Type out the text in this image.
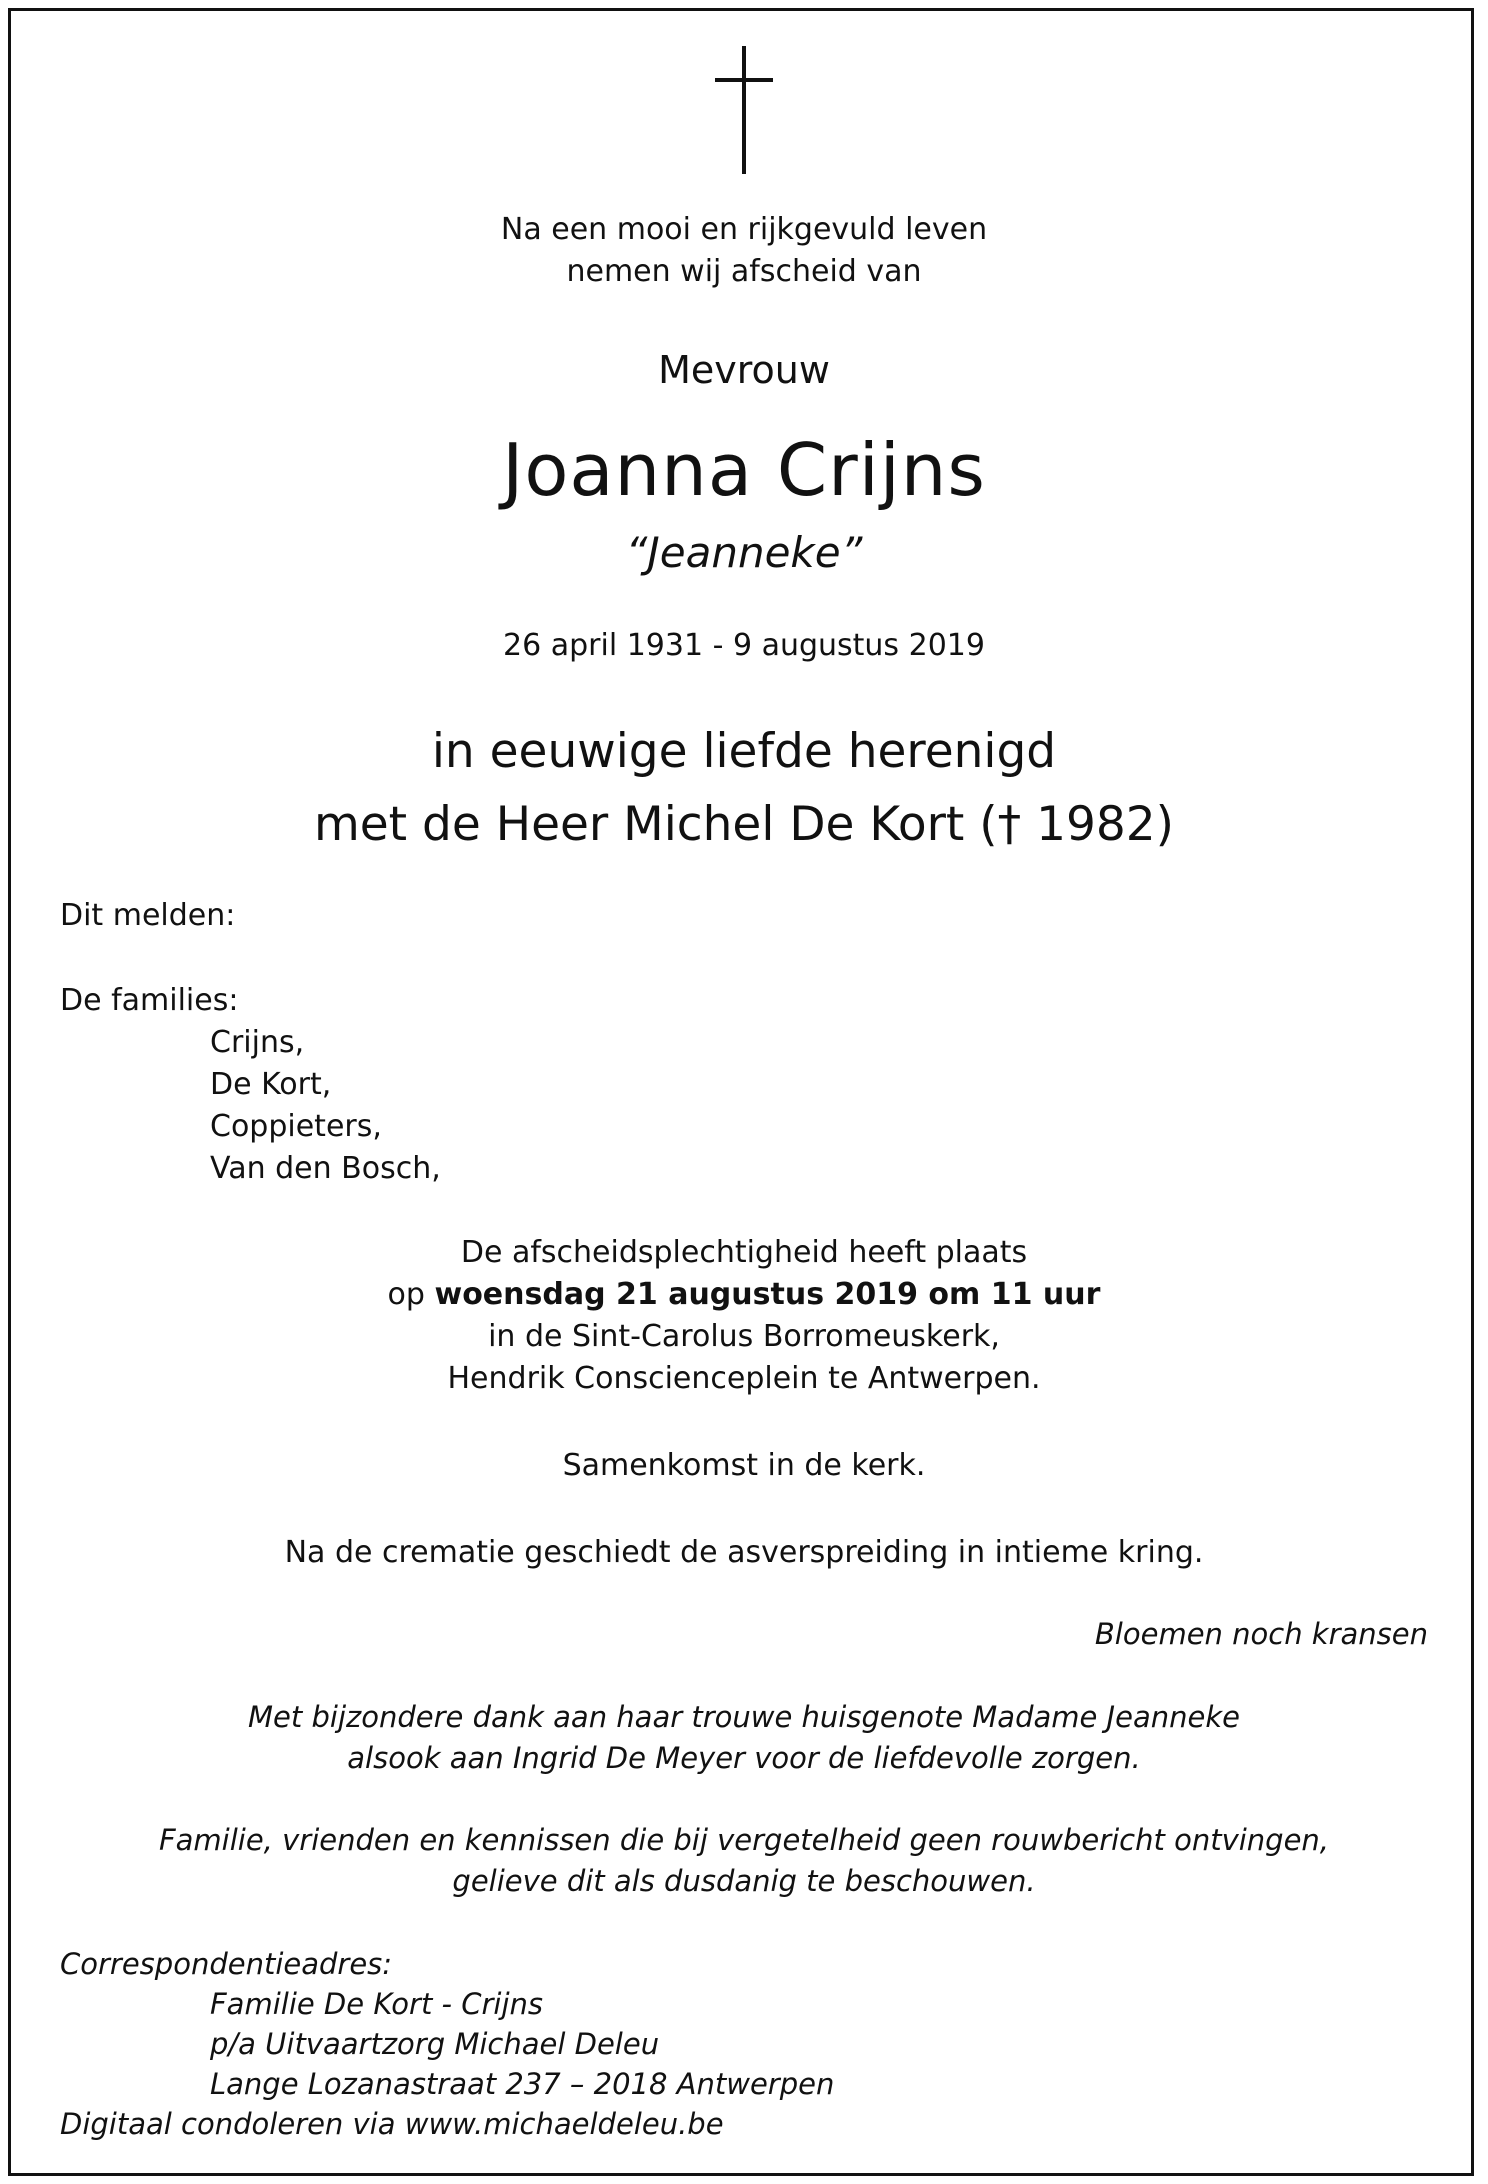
Na een mooi en rijkgevuld leven
nemen wij afscheid van
Mevrouw
Joanna Crijns
“Jeanneke”
26 april 1931 - 9 augustus 2019
in eeuwige liefde herenigd
met de Heer Michel De Kort († 1982)
Dit melden:
De families:
Crijns,
De Kort,
Coppieters,
Van den Bosch,
De afscheidsplechtigheid heeft plaats
op woensdag 21 augustus 2019 om 11 uur
in de Sint-Carolus Borromeuskerk,
Hendrik Conscienceplein te Antwerpen.
Samenkomst in de kerk.
Na de crematie geschiedt de asverspreiding in intieme kring.
Bloemen noch kransen
Met bijzondere dank aan haar trouwe huisgenote Madame Jeanneke
alsook aan Ingrid De Meyer voor de liefdevolle zorgen.
Familie, vrienden en kennissen die bij vergetelheid geen rouwbericht ontvingen,
gelieve dit als dusdanig te beschouwen.
Correspondentieadres:
Familie De Kort - Crijns
p/a Uitvaartzorg Michael Deleu
Lange Lozanastraat 237 – 2018 Antwerpen
Digitaal condoleren via www.michaeldeleu.be
